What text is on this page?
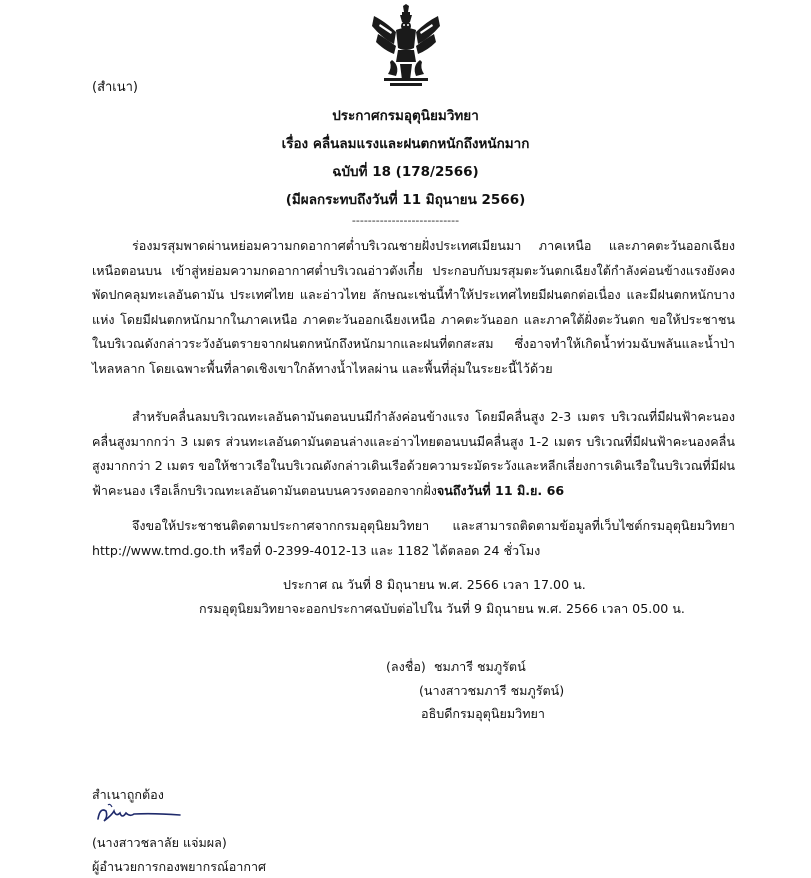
(สำเนา)
ประกาศกรมอุตุนิยมวิทยา
เรื่อง คลื่นลมแรงและฝนตกหนักถึงหนักมาก
ฉบับที่ 18 (178/2566)
(มีผลกระทบถึงวันที่ 11 มิถุนายน 2566)
---------------------------
ร่องมรสุมพาดผ่านหย่อมความกดอากาศต่ำบริเวณชายฝั่งประเทศเมียนมา ภาคเหนือ และภาคตะวันออกเฉียงเหนือตอนบน เข้าสู่หย่อมความกดอากาศต่ำบริเวณอ่าวตังเกี๋ย ประกอบกับมรสุมตะวันตกเฉียงใต้กำลังค่อนข้างแรงยังคงพัดปกคลุมทะเลอันดามัน ประเทศไทย และอ่าวไทย ลักษณะเช่นนี้ทำให้ประเทศไทยมีฝนตกต่อเนื่อง และมีฝนตกหนักบางแห่ง โดยมีฝนตกหนักมากในภาคเหนือ ภาคตะวันออกเฉียงเหนือ ภาคตะวันออก และภาคใต้ฝั่งตะวันตก ขอให้ประชาชนในบริเวณดังกล่าวระวังอันตรายจากฝนตกหนักถึงหนักมากและฝนที่ตกสะสม ซึ่งอาจทำให้เกิดน้ำท่วมฉับพลันและน้ำป่าไหลหลาก โดยเฉพาะพื้นที่ลาดเชิงเขาใกล้ทางน้ำไหลผ่าน และพื้นที่ลุ่มในระยะนี้ไว้ด้วย
สำหรับคลื่นลมบริเวณทะเลอันดามันตอนบนมีกำลังค่อนข้างแรง โดยมีคลื่นสูง 2-3 เมตร บริเวณที่มีฝนฟ้าคะนองคลื่นสูงมากกว่า 3 เมตร ส่วนทะเลอันดามันตอนล่างและอ่าวไทยตอนบนมีคลื่นสูง 1-2 เมตร บริเวณที่มีฝนฟ้าคะนองคลื่นสูงมากกว่า 2 เมตร ขอให้ชาวเรือในบริเวณดังกล่าวเดินเรือด้วยความระมัดระวังและหลีกเลี่ยงการเดินเรือในบริเวณที่มีฝนฟ้าคะนอง เรือเล็กบริเวณทะเลอันดามันตอนบนควรงดออกจากฝั่งจนถึงวันที่ 11 มิ.ย. 66
จึงขอให้ประชาชนติดตามประกาศจากกรมอุตุนิยมวิทยา และสามารถติดตามข้อมูลที่เว็บไซต์กรมอุตุนิยมวิทยา http://www.tmd.go.th หรือที่ 0-2399-4012-13 และ 1182 ได้ตลอด 24 ชั่วโมง
ประกาศ ณ วันที่ 8 มิถุนายน พ.ศ. 2566 เวลา 17.00 น.
กรมอุตุนิยมวิทยาจะออกประกาศฉบับต่อไปใน วันที่ 9 มิถุนายน พ.ศ. 2566 เวลา 05.00 น.
(ลงชื่อ) ชมภารี ชมภูรัตน์
(นางสาวชมภารี ชมภูรัตน์)
อธิบดีกรมอุตุนิยมวิทยา
สำเนาถูกต้อง
(นางสาวชลาลัย แจ่มผล)
ผู้อำนวยการกองพยากรณ์อากาศ
